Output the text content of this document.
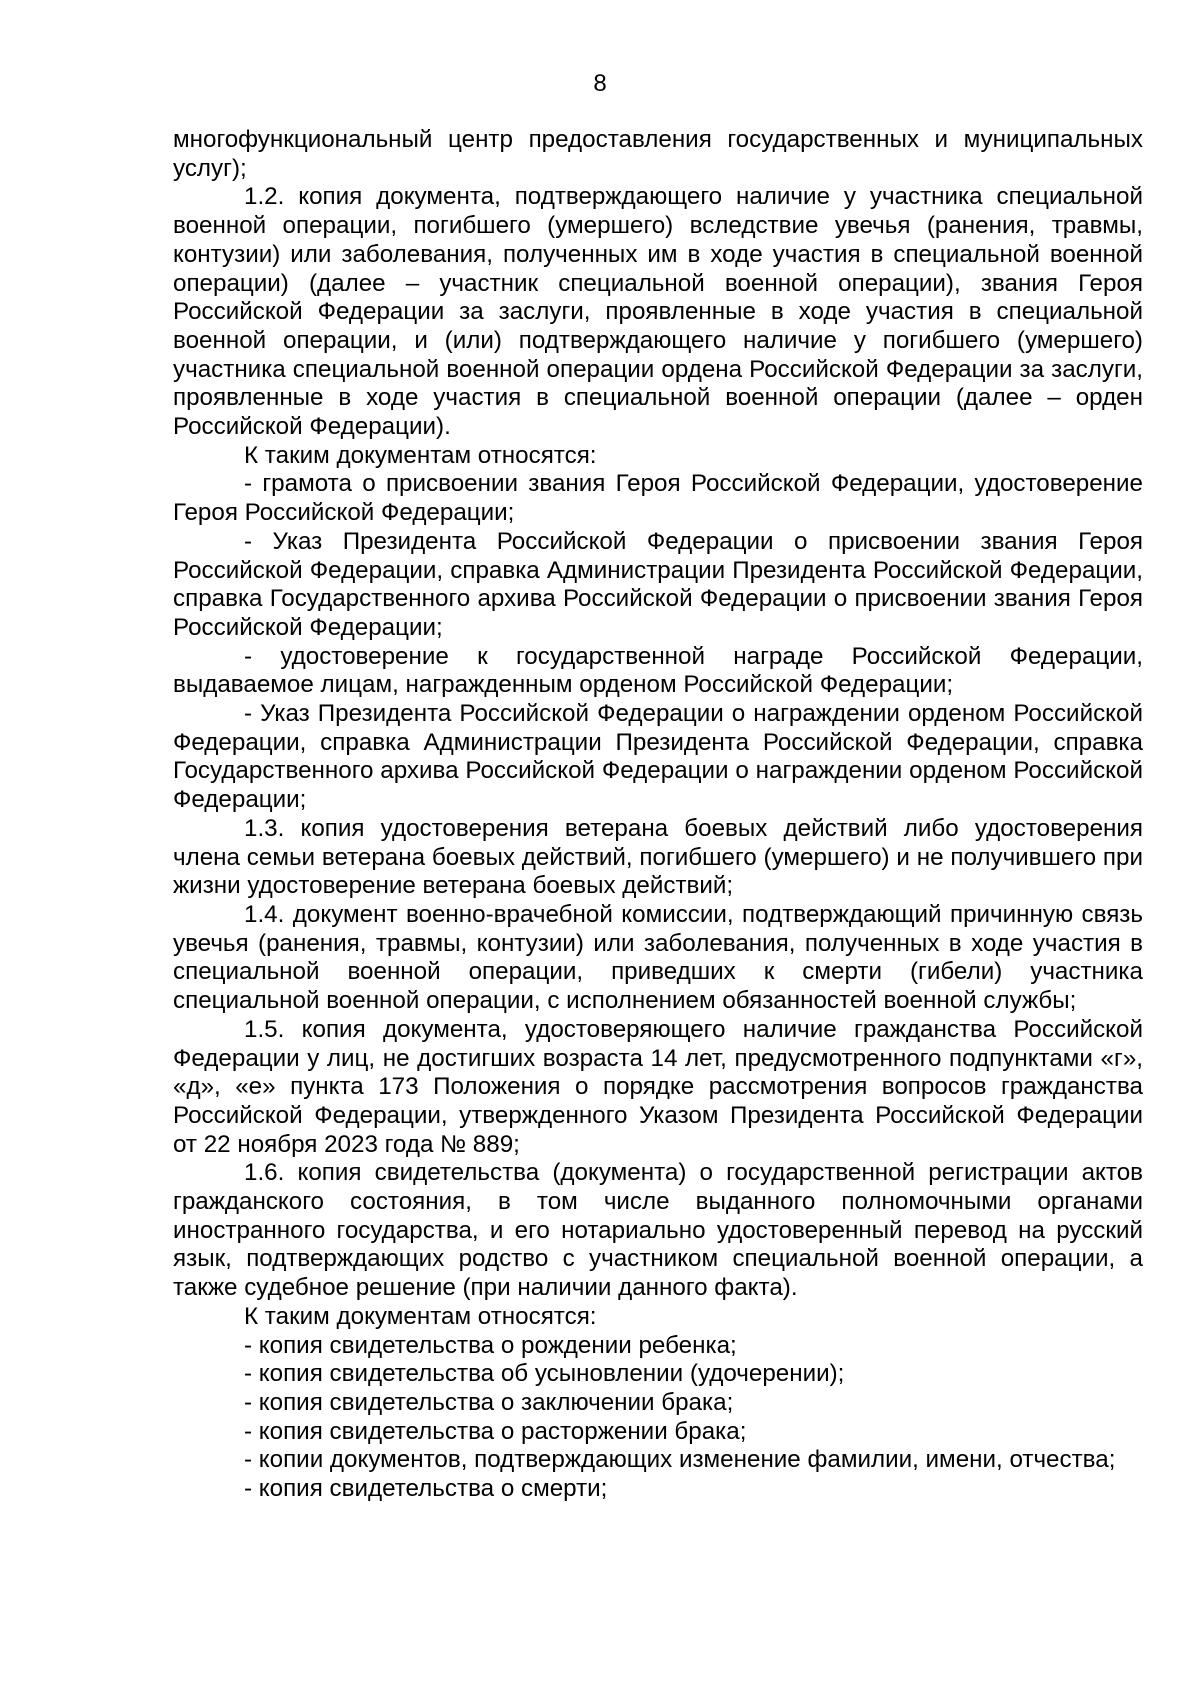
8

многофункциональный центр предоставления государственных и муниципальных услуг);

1.2. копия документа, подтверждающего наличие у участника специальной военной операции, погибшего (умершего) вследствие увечья (ранения, травмы, контузии) или заболевания, полученных им в ходе участия в специальной военной операции) (далее – участник специальной военной операции), звания Героя Российской Федерации за заслуги, проявленные в ходе участия в специальной военной операции, и (или) подтверждающего наличие у погибшего (умершего) участника специальной военной операции ордена Российской Федерации за заслуги, проявленные в ходе участия в специальной военной операции (далее – орден Российской Федерации).

К таким документам относятся:

- грамота о присвоении звания Героя Российской Федерации, удостоверение Героя Российской Федерации;

- Указ Президента Российской Федерации о присвоении звания Героя Российской Федерации, справка Администрации Президента Российской Федерации, справка Государственного архива Российской Федерации о присвоении звания Героя Российской Федерации;

- удостоверение к государственной награде Российской Федерации, выдаваемое лицам, награжденным орденом Российской Федерации;

- Указ Президента Российской Федерации о награждении орденом Российской Федерации, справка Администрации Президента Российской Федерации, справка Государственного архива Российской Федерации о награждении орденом Российской Федерации;

1.3. копия удостоверения ветерана боевых действий либо удостоверения члена семьи ветерана боевых действий, погибшего (умершего) и не получившего при жизни удостоверение ветерана боевых действий;

1.4. документ военно-врачебной комиссии, подтверждающий причинную связь увечья (ранения, травмы, контузии) или заболевания, полученных в ходе участия в специальной военной операции, приведших к смерти (гибели) участника специальной военной операции, с исполнением обязанностей военной службы;

1.5. копия документа, удостоверяющего наличие гражданства Российской Федерации у лиц, не достигших возраста 14 лет, предусмотренного подпунктами «г», «д», «е» пункта 173 Положения о порядке рассмотрения вопросов гражданства Российской Федерации, утвержденного Указом Президента Российской Федерации от 22 ноября 2023 года № 889;

1.6. копия свидетельства (документа) о государственной регистрации актов гражданского состояния, в том числе выданного полномочными органами иностранного государства, и его нотариально удостоверенный перевод на русский язык, подтверждающих родство с участником специальной военной операции, а также судебное решение (при наличии данного факта).

К таким документам относятся:

- копия свидетельства о рождении ребенка;

- копия свидетельства об усыновлении (удочерении);

- копия свидетельства о заключении брака;

- копия свидетельства о расторжении брака;

- копии документов, подтверждающих изменение фамилии, имени, отчества;

- копия свидетельства о смерти;
